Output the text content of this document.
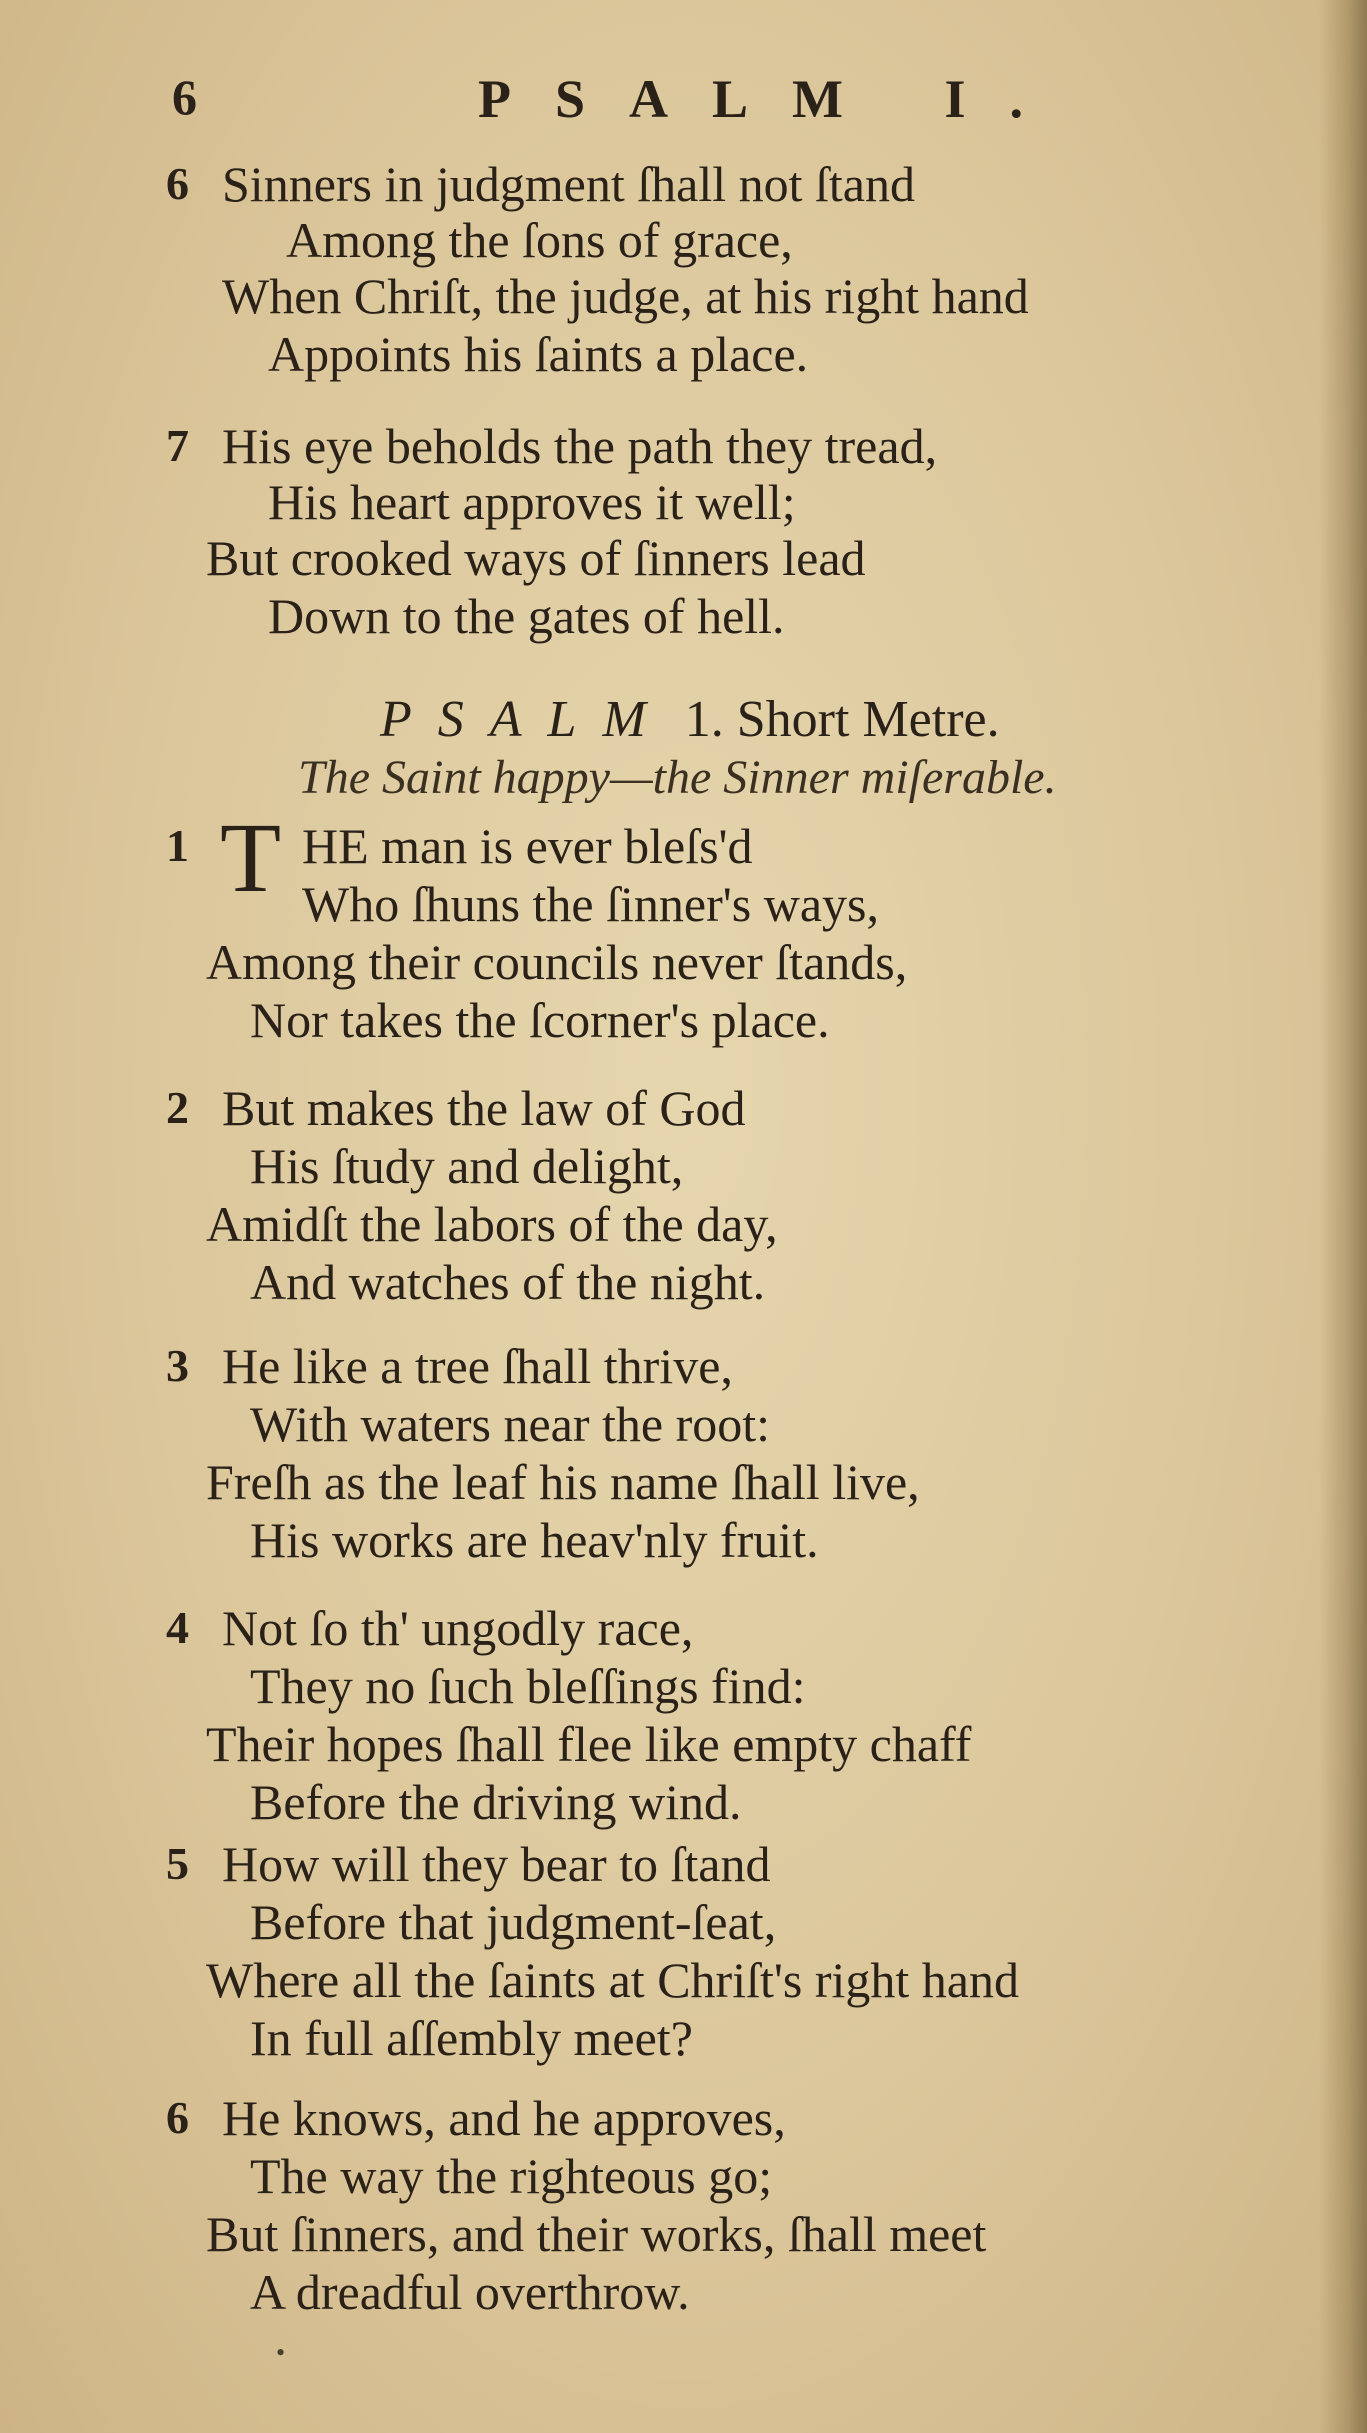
6	PSALM I.
6 Sinners in judgment ſhall not ſtand
Among the ſons of grace,
When Chriſt, the judge, at his right hand
Appoints his ſaints a place.
7 His eye beholds the path they tread,
His heart approves it well;
But crooked ways of ſinners lead
Down to the gates of hell.
PSALM 1. Short Metre.
The Saint happy—the Sinner miſerable.
1 T HE man is ever bleſs'd
Who ſhuns the ſinner's ways,
Among their councils never ſtands,
Nor takes the ſcorner's place.
2 But makes the law of God
His ſtudy and delight,
Amidſt the labors of the day,
And watches of the night.
3 He like a tree ſhall thrive,
With waters near the root:
Freſh as the leaf his name ſhall live,
His works are heav'nly fruit.
4 Not ſo th' ungodly race,
They no ſuch bleſſings find:
Their hopes ſhall flee like empty chaff
Before the driving wind.
5 How will they bear to ſtand
Before that judgment-ſeat,
Where all the ſaints at Chriſt's right hand
In full aſſembly meet?
6 He knows, and he approves,
The way the righteous go;
But ſinners, and their works, ſhall meet
A dreadful overthrow.
•
